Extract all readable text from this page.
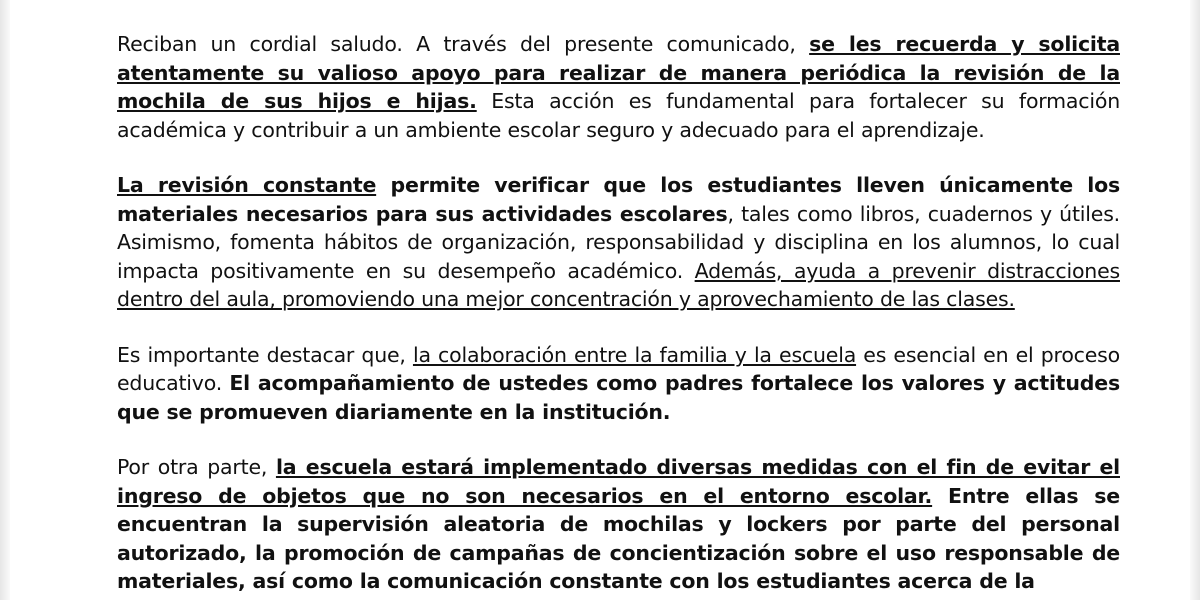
Reciban un cordial saludo. A través del presente comunicado, se les recuerda y solicita atentamente su valioso apoyo para realizar de manera periódica la revisión de la mochila de sus hijos e hijas. Esta acción es fundamental para fortalecer su formación académica y contribuir a un ambiente escolar seguro y adecuado para el aprendizaje.

La revisión constante permite verificar que los estudiantes lleven únicamente los materiales necesarios para sus actividades escolares, tales como libros, cuadernos y útiles. Asimismo, fomenta hábitos de organización, responsabilidad y disciplina en los alumnos, lo cual impacta positivamente en su desempeño académico. Además, ayuda a prevenir distracciones dentro del aula, promoviendo una mejor concentración y aprovechamiento de las clases.

Es importante destacar que, la colaboración entre la familia y la escuela es esencial en el proceso educativo. El acompañamiento de ustedes como padres fortalece los valores y actitudes que se promueven diariamente en la institución.

Por otra parte, la escuela estará implementado diversas medidas con el fin de evitar el ingreso de objetos que no son necesarios en el entorno escolar. Entre ellas se encuentran la supervisión aleatoria de mochilas y lockers por parte del personal autorizado, la promoción de campañas de concientización sobre el uso responsable de materiales, así como la comunicación constante con los estudiantes acerca de la
